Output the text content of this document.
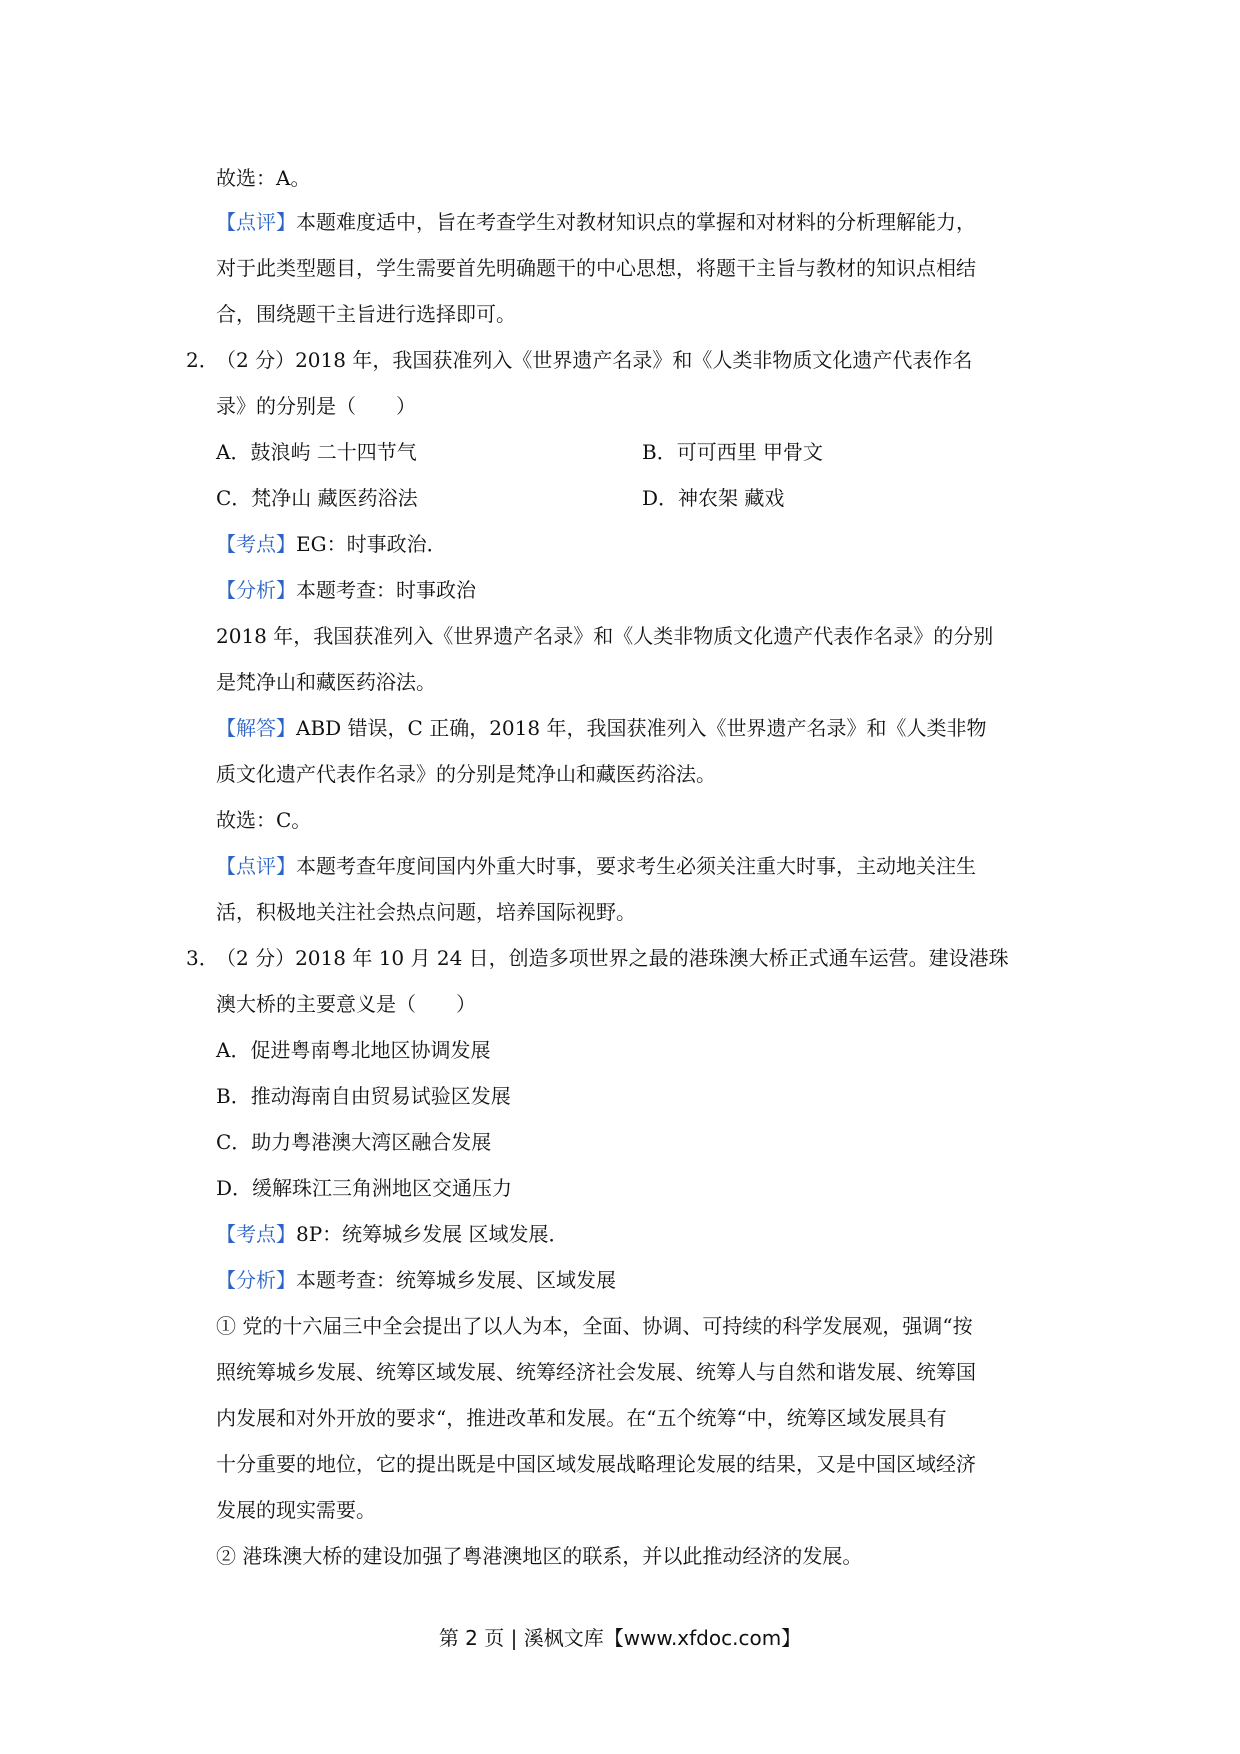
故选：A。
【点评】本题难度适中，旨在考查学生对教材知识点的掌握和对材料的分析理解能力，
对于此类型题目，学生需要首先明确题干的中心思想，将题干主旨与教材的知识点相结
合，围绕题干主旨进行选择即可。
2．
（2 分）2018 年，我国获准列入《世界遗产名录》和《人类非物质文化遗产代表作名
录》的分别是（　　）
A．鼓浪屿 二十四节气	B．可可西里 甲骨文
C．梵净山 藏医药浴法	D．神农架 藏戏
【考点】EG：时事政治．
【分析】本题考查：时事政治
2018 年，我国获准列入《世界遗产名录》和《人类非物质文化遗产代表作名录》的分别
是梵净山和藏医药浴法。
【解答】ABD 错误，C 正确，2018 年，我国获准列入《世界遗产名录》和《人类非物
质文化遗产代表作名录》的分别是梵净山和藏医药浴法。
故选：C。
【点评】本题考查年度间国内外重大时事，要求考生必须关注重大时事，主动地关注生
活，积极地关注社会热点问题，培养国际视野。
3．
（2 分）2018 年 10 月 24 日，创造多项世界之最的港珠澳大桥正式通车运营。建设港珠
澳大桥的主要意义是（　　）
A．促进粤南粤北地区协调发展
B．推动海南自由贸易试验区发展
C．助力粤港澳大湾区融合发展
D．缓解珠江三角洲地区交通压力
【考点】8P：统筹城乡发展 区域发展．
【分析】本题考查：统筹城乡发展、区域发展
① 党的十六届三中全会提出了以人为本，全面、协调、可持续的科学发展观，强调“按
照统筹城乡发展、统筹区域发展、统筹经济社会发展、统筹人与自然和谐发展、统筹国
内发展和对外开放的要求“，推进改革和发展。在“五个统筹“中，统筹区域发展具有
十分重要的地位，它的提出既是中国区域发展战略理论发展的结果，又是中国区域经济
发展的现实需要。
② 港珠澳大桥的建设加强了粤港澳地区的联系，并以此推动经济的发展。
第 2 页 | 溪枫文库【www.xfdoc.com】
